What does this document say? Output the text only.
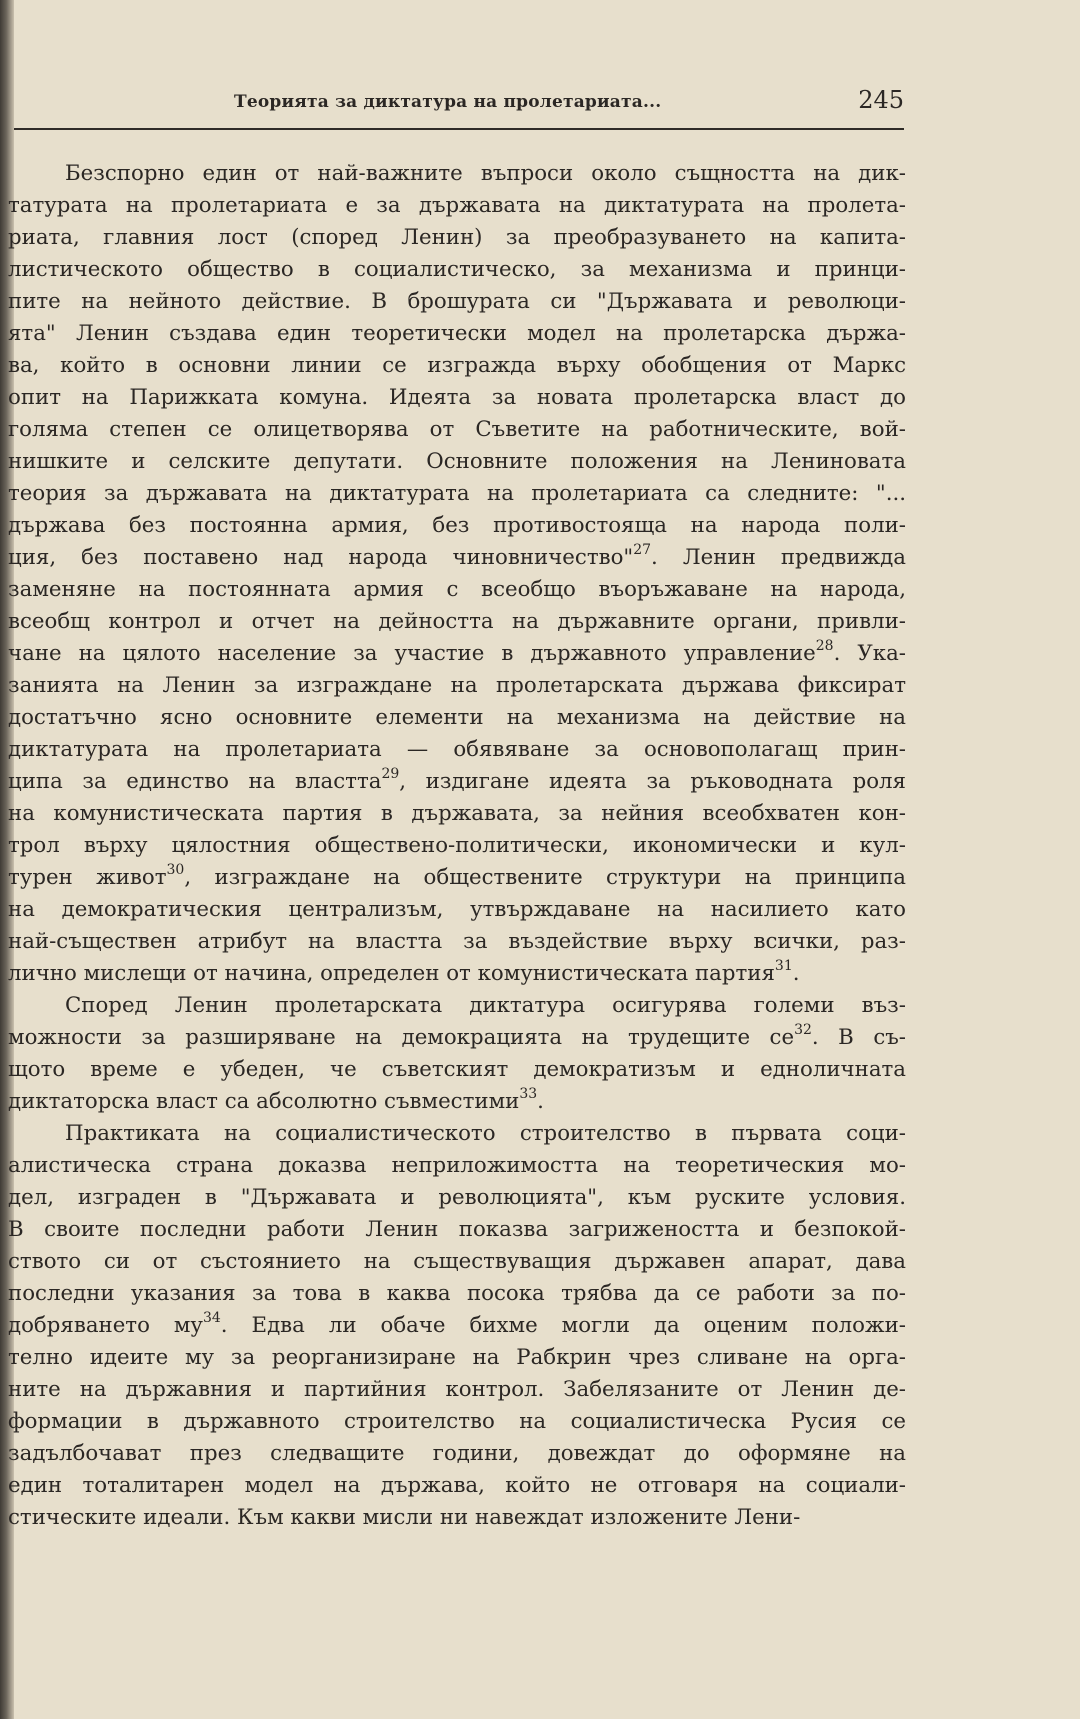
Теорията за диктатура на пролетариата...	245
Безспорно един от най-важните въпроси около същността на дик-
татурата на пролетариата е за държавата на диктатурата на пролета-
риата, главния лост (според Ленин) за преобразуването на капита-
листическото общество в социалистическо, за механизма и принци-
пите на нейното действие. В брошурата си "Държавата и революци-
ята" Ленин създава един теоретически модел на пролетарска държа-
ва, който в основни линии се изгражда върху обобщения от Маркс
опит на Парижката комуна. Идеята за новата пролетарска власт до
голяма степен се олицетворява от Съветите на работническите, вой-
нишките и селските депутати. Основните положения на Лениновата
теория за държавата на диктатурата на пролетариата са следните: "...
държава без постоянна армия, без противостояща на народа поли-
ция, без поставено над народа чиновничество"$^{27}$. Ленин предвижда
заменяне на постоянната армия с всеобщо въоръжаване на народа,
всеобщ контрол и отчет на дейността на държавните органи, привли-
чане на цялото население за участие в държавното управление$^{28}$. Ука-
занията на Ленин за изграждане на пролетарската държава фиксират
достатъчно ясно основните елементи на механизма на действие на
диктатурата на пролетариата — обявяване за основополагащ прин-
ципа за единство на властта$^{29}$, издигане идеята за ръководната роля
на комунистическата партия в държавата, за нейния всеобхватен кон-
трол върху цялостния обществено-политически, икономически и кул-
турен живот$^{30}$, изграждане на обществените структури на принципа
на демократическия централизъм, утвърждаване на насилието като
най-съществен атрибут на властта за въздействие върху всички, раз-
лично мислещи от начина, определен от комунистическата партия$^{31}$.
Според Ленин пролетарската диктатура осигурява големи въз-
можности за разширяване на демокрацията на трудещите $се^{32}$. В съ-
щото време е убеден, че съветският демократизъм и едноличната
диктаторска власт са абсолютно съвместими$^{33}$.
Практиката на социалистическото строителство в първата соци-
алистическа страна доказва неприложимостта на теоретическия мо-
дел, изграден в "Държавата и революцията", към руските условия.
В своите последни работи Ленин показва загрижеността и безпокой-
ството си от състоянието на съществуващия държавен апарат, дава
последни указания за това в каква посока трябва да се работи за по-
добряването $му^{34}$. Едва ли обаче бихме могли да оценим положи-
телно идеите му за реорганизиране на Рабкрин чрез сливане на орга-
ните на държавния и партийния контрол. Забелязаните от Ленин де-
формации в държавното строителство на социалистическа Русия се
задълбочават през следващите години, довеждат до оформяне на
един тоталитарен модел на държава, който не отговаря на социали-
стическите идеали. Към какви мисли ни навеждат изложените Лени-
